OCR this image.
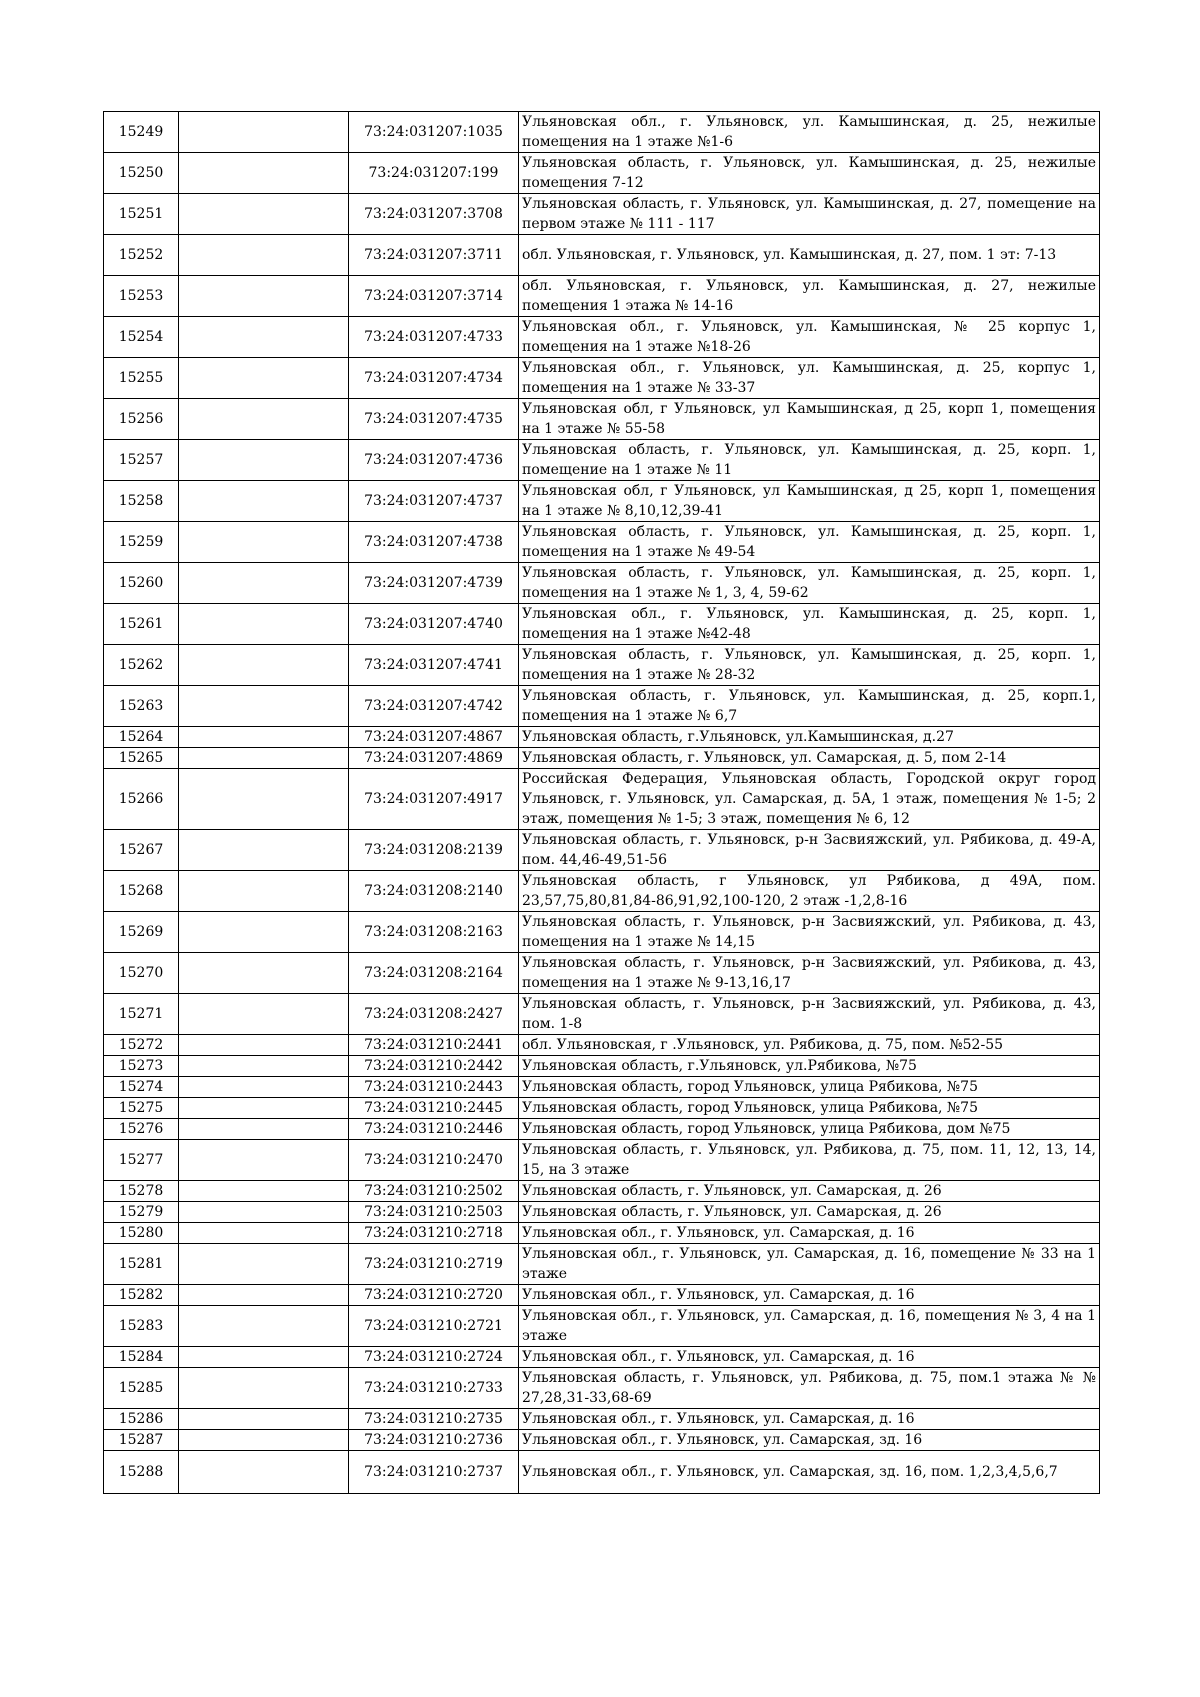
15249		73:24:031207:1035	Ульяновская обл., г. Ульяновск, ул. Камышинская, д. 25, нежилые помещения на 1 этаже №1-6
15250		73:24:031207:199	Ульяновская область, г. Ульяновск, ул. Камышинская, д. 25, нежилые помещения 7-12
15251		73:24:031207:3708	Ульяновская область, г. Ульяновск, ул. Камышинская, д. 27, помещение на первом этаже № 111 - 117
15252		73:24:031207:3711	обл. Ульяновская, г. Ульяновск, ул. Камышинская, д. 27, пом. 1 эт: 7-13
15253		73:24:031207:3714	обл. Ульяновская, г. Ульяновск, ул. Камышинская, д. 27, нежилые помещения 1 этажа № 14-16
15254		73:24:031207:4733	Ульяновская обл., г. Ульяновск, ул. Камышинская, № 25 корпус 1, помещения на 1 этаже №18-26
15255		73:24:031207:4734	Ульяновская обл., г. Ульяновск, ул. Камышинская, д. 25, корпус 1, помещения на 1 этаже № 33-37
15256		73:24:031207:4735	Ульяновская обл, г Ульяновск, ул Камышинская, д 25, корп 1, помещения на 1 этаже № 55-58
15257		73:24:031207:4736	Ульяновская область, г. Ульяновск, ул. Камышинская, д. 25, корп. 1, помещение на 1 этаже № 11
15258		73:24:031207:4737	Ульяновская обл, г Ульяновск, ул Камышинская, д 25, корп 1, помещения на 1 этаже № 8,10,12,39-41
15259		73:24:031207:4738	Ульяновская область, г. Ульяновск, ул. Камышинская, д. 25, корп. 1, помещения на 1 этаже № 49-54
15260		73:24:031207:4739	Ульяновская область, г. Ульяновск, ул. Камышинская, д. 25, корп. 1, помещения на 1 этаже № 1, 3, 4, 59-62
15261		73:24:031207:4740	Ульяновская обл., г. Ульяновск, ул. Камышинская, д. 25, корп. 1, помещения на 1 этаже №42-48
15262		73:24:031207:4741	Ульяновская область, г. Ульяновск, ул. Камышинская, д. 25, корп. 1, помещения на 1 этаже № 28-32
15263		73:24:031207:4742	Ульяновская область, г. Ульяновск, ул. Камышинская, д. 25, корп.1, помещения на 1 этаже № 6,7
15264		73:24:031207:4867	Ульяновская область, г.Ульяновск, ул.Камышинская, д.27
15265		73:24:031207:4869	Ульяновская область, г. Ульяновск, ул. Самарская, д. 5, пом 2-14
15266		73:24:031207:4917	Российская Федерация, Ульяновская область, Городской округ город Ульяновск, г. Ульяновск, ул. Самарская, д. 5А, 1 этаж, помещения № 1-5; 2 этаж, помещения № 1-5; 3 этаж, помещения № 6, 12
15267		73:24:031208:2139	Ульяновская область, г. Ульяновск, р-н Засвияжский, ул. Рябикова, д. 49-А, пом. 44,46-49,51-56
15268		73:24:031208:2140	Ульяновская область, г Ульяновск, ул Рябикова, д 49А, пом. 23,57,75,80,81,84-86,91,92,100-120, 2 этаж -1,2,8-16
15269		73:24:031208:2163	Ульяновская область, г. Ульяновск, р-н Засвияжский, ул. Рябикова, д. 43, помещения на 1 этаже № 14,15
15270		73:24:031208:2164	Ульяновская область, г. Ульяновск, р-н Засвияжский, ул. Рябикова, д. 43, помещения на 1 этаже № 9-13,16,17
15271		73:24:031208:2427	Ульяновская область, г. Ульяновск, р-н Засвияжский, ул. Рябикова, д. 43, пом. 1-8
15272		73:24:031210:2441	обл. Ульяновская, г .Ульяновск, ул. Рябикова, д. 75, пом. №52-55
15273		73:24:031210:2442	Ульяновская область, г.Ульяновск, ул.Рябикова, №75
15274		73:24:031210:2443	Ульяновская область, город Ульяновск, улица Рябикова, №75
15275		73:24:031210:2445	Ульяновская область, город Ульяновск, улица Рябикова, №75
15276		73:24:031210:2446	Ульяновская область, город Ульяновск, улица Рябикова, дом №75
15277		73:24:031210:2470	Ульяновская область, г. Ульяновск, ул. Рябикова, д. 75, пом. 11, 12, 13, 14, 15, на 3 этаже
15278		73:24:031210:2502	Ульяновская область, г. Ульяновск, ул. Самарская, д. 26
15279		73:24:031210:2503	Ульяновская область, г. Ульяновск, ул. Самарская, д. 26
15280		73:24:031210:2718	Ульяновская обл., г. Ульяновск, ул. Самарская, д. 16
15281		73:24:031210:2719	Ульяновская обл., г. Ульяновск, ул. Самарская, д. 16, помещение № 33 на 1 этаже
15282		73:24:031210:2720	Ульяновская обл., г. Ульяновск, ул. Самарская, д. 16
15283		73:24:031210:2721	Ульяновская обл., г. Ульяновск, ул. Самарская, д. 16, помещения № 3, 4 на 1 этаже
15284		73:24:031210:2724	Ульяновская обл., г. Ульяновск, ул. Самарская, д. 16
15285		73:24:031210:2733	Ульяновская область, г. Ульяновск, ул. Рябикова, д. 75, пом.1 этажа № № 27,28,31-33,68-69
15286		73:24:031210:2735	Ульяновская обл., г. Ульяновск, ул. Самарская, д. 16
15287		73:24:031210:2736	Ульяновская обл., г. Ульяновск, ул. Самарская, зд. 16
15288		73:24:031210:2737	Ульяновская обл., г. Ульяновск, ул. Самарская, зд. 16, пом. 1,2,3,4,5,6,7
